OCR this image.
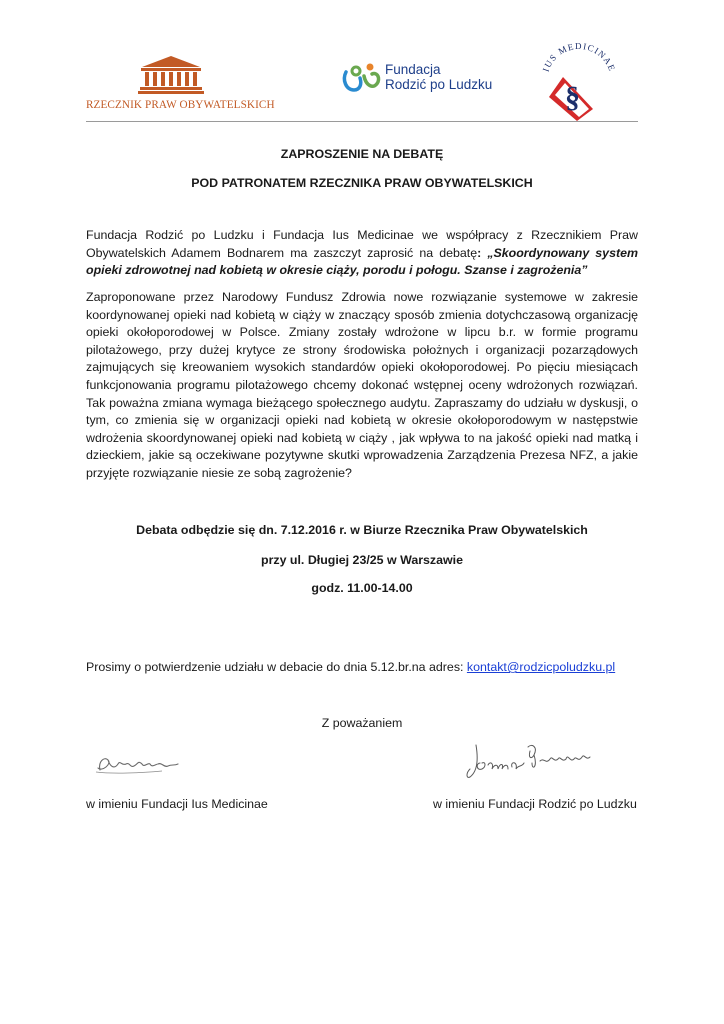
RZECZNIK PRAW OBYWATELSKICH
Fundacja
Rodzić po Ludzku
IUS MEDICINAE
§
ZAPROSZENIE NA DEBATĘ
POD PATRONATEM RZECZNIKA PRAW OBYWATELSKICH
Fundacja Rodzić po Ludzku i Fundacja Ius Medicinae we współpracy z Rzecznikiem Praw Obywatelskich Adamem Bodnarem ma zaszczyt zaprosić na debatę: „Skoordynowany system opieki zdrowotnej nad kobietą w okresie ciąży, porodu i połogu. Szanse i zagrożenia”
Zaproponowane przez Narodowy Fundusz Zdrowia nowe rozwiązanie systemowe w zakresie koordynowanej opieki nad kobietą w ciąży w znaczący sposób zmienia dotychczasową organizację opieki okołoporodowej w Polsce. Zmiany zostały wdrożone w lipcu b.r. w formie programu pilotażowego, przy dużej krytyce ze strony środowiska położnych i organizacji pozarządowych zajmujących się kreowaniem wysokich standardów opieki okołoporodowej. Po pięciu miesiącach funkcjonowania programu pilotażowego chcemy dokonać wstępnej oceny wdrożonych rozwiązań. Tak poważna zmiana wymaga bieżącego społecznego audytu. Zapraszamy do udziału w dyskusji, o tym, co zmienia się w organizacji opieki nad kobietą w okresie okołoporodowym w następstwie wdrożenia skoordynowanej opieki nad kobietą w ciąży , jak wpływa to na jakość opieki nad matką i dzieckiem, jakie są oczekiwane pozytywne skutki wprowadzenia Zarządzenia Prezesa NFZ, a jakie przyjęte rozwiązanie niesie ze sobą zagrożenie?
Debata odbędzie się dn. 7.12.2016 r. w Biurze Rzecznika Praw Obywatelskich
przy ul. Długiej 23/25 w Warszawie
godz. 11.00-14.00
Prosimy o potwierdzenie udziału w debacie do dnia 5.12.br.na adres: kontakt@rodzicpoludzku.pl
Z poważaniem
w imieniu Fundacji Ius Medicinae	w imieniu Fundacji Rodzić po Ludzku
